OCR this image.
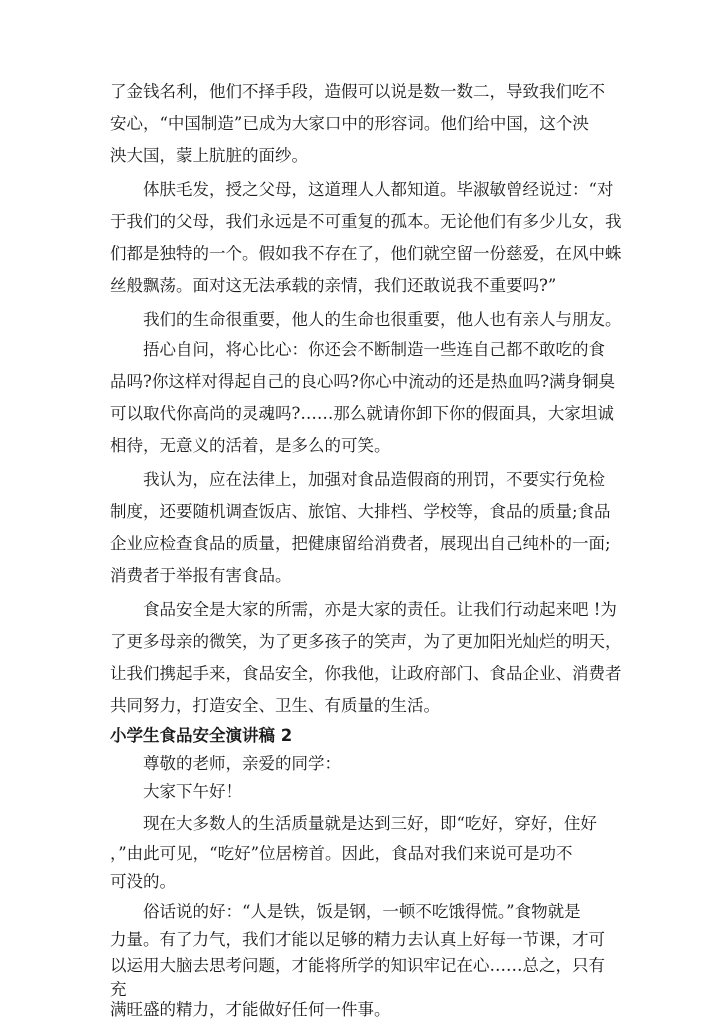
了金钱名利，他们不择手段，造假可以说是数一数二，导致我们吃不
安心，“中国制造”已成为大家口中的形容词。他们给中国，这个泱
泱大国，蒙上肮脏的面纱。
体肤毛发，授之父母，这道理人人都知道。毕淑敏曾经说过：“对
于我们的父母，我们永远是不可重复的孤本。无论他们有多少儿女，我
们都是独特的一个。假如我不存在了，他们就空留一份慈爱，在风中蛛
丝般飘荡。面对这无法承载的亲情，我们还敢说我不重要吗?”
我们的生命很重要，他人的生命也很重要，他人也有亲人与朋友。
捂心自问，将心比心：你还会不断制造一些连自己都不敢吃的食
品吗?你这样对得起自己的良心吗?你心中流动的还是热血吗?满身铜臭
可以取代你高尚的灵魂吗?……那么就请你卸下你的假面具，大家坦诚
相待，无意义的活着，是多么的可笑。
我认为，应在法律上，加强对食品造假商的刑罚，不要实行免检
制度，还要随机调查饭店、旅馆、大排档、学校等，食品的质量;食品
企业应检查食品的质量，把健康留给消费者，展现出自己纯朴的一面;
消费者于举报有害食品。
食品安全是大家的所需，亦是大家的责任。让我们行动起来吧 !为
了更多母亲的微笑，为了更多孩子的笑声，为了更加阳光灿烂的明天，
让我们携起手来，食品安全，你我他，让政府部门、食品企业、消费者
共同努力，打造安全、卫生、有质量的生活。
小学生食品安全演讲稿 2
尊敬的老师，亲爱的同学：
大家下午好！
现在大多数人的生活质量就是达到三好，即“吃好，穿好，住好
，”由此可见，“吃好”位居榜首。因此，食品对我们来说可是功不
可没的。
俗话说的好：“人是铁，饭是钢，一顿不吃饿得慌。”食物就是
力量。有了力气，我们才能以足够的精力去认真上好每一节课，才可
以运用大脑去思考问题，才能将所学的知识牢记在心……总之，只有
充
满旺盛的精力，才能做好任何一件事。
